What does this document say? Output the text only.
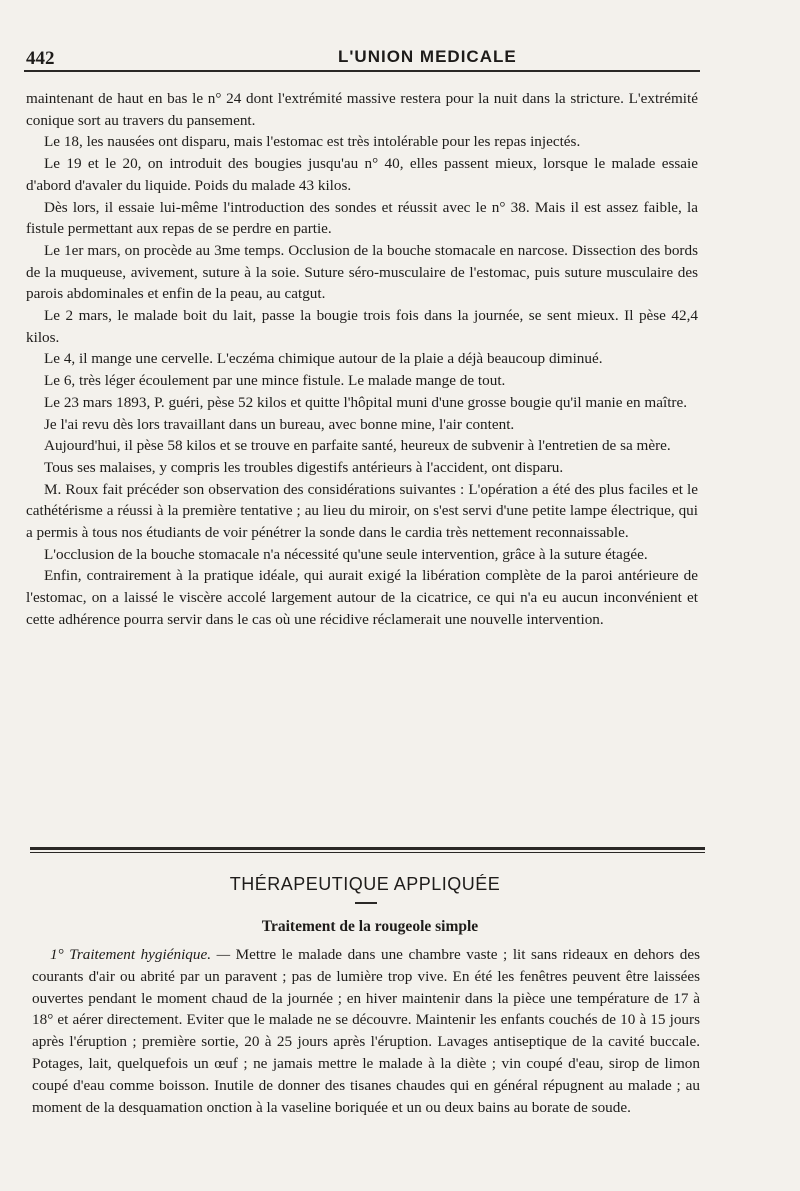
442	L'UNION MEDICALE

maintenant de haut en bas le n° 24 dont l'extrémité massive restera pour la nuit dans la stricture. L'extrémité conique sort au travers du pansement.

Le 18, les nausées ont disparu, mais l'estomac est très intolérable pour les repas injectés.

Le 19 et le 20, on introduit des bougies jusqu'au n° 40, elles passent mieux, lorsque le malade essaie d'abord d'avaler du liquide. Poids du malade 43 kilos.

Dès lors, il essaie lui-même l'introduction des sondes et réussit avec le n° 38. Mais il est assez faible, la fistule permettant aux repas de se perdre en partie.

Le 1er mars, on procède au 3me temps. Occlusion de la bouche stomacale en narcose. Dissection des bords de la muqueuse, avivement, suture à la soie. Suture séro-musculaire de l'estomac, puis suture musculaire des parois abdominales et enfin de la peau, au catgut.

Le 2 mars, le malade boit du lait, passe la bougie trois fois dans la journée, se sent mieux. Il pèse 42,4 kilos.

Le 4, il mange une cervelle. L'eczéma chimique autour de la plaie a déjà beaucoup diminué.

Le 6, très léger écoulement par une mince fistule. Le malade mange de tout.

Le 23 mars 1893, P. guéri, pèse 52 kilos et quitte l'hôpital muni d'une grosse bougie qu'il manie en maître.

Je l'ai revu dès lors travaillant dans un bureau, avec bonne mine, l'air content.

Aujourd'hui, il pèse 58 kilos et se trouve en parfaite santé, heureux de subvenir à l'entretien de sa mère.

Tous ses malaises, y compris les troubles digestifs antérieurs à l'accident, ont disparu.

M. Roux fait précéder son observation des considérations suivantes : L'opération a été des plus faciles et le cathétérisme a réussi à la première tentative ; au lieu du miroir, on s'est servi d'une petite lampe électrique, qui a permis à tous nos étudiants de voir pénétrer la sonde dans le cardia très nettement reconnaissable.

L'occlusion de la bouche stomacale n'a nécessité qu'une seule intervention, grâce à la suture étagée.

Enfin, contrairement à la pratique idéale, qui aurait exigé la libération complète de la paroi antérieure de l'estomac, on a laissé le viscère accolé largement autour de la cicatrice, ce qui n'a eu aucun inconvénient et cette adhérence pourra servir dans le cas où une récidive réclamerait une nouvelle intervention.

THÉRAPEUTIQUE APPLIQUÉE
Traitement de la rougeole simple

1° Traitement hygiénique. — Mettre le malade dans une chambre vaste ; lit sans rideaux en dehors des courants d'air ou abrité par un paravent ; pas de lumière trop vive. En été les fenêtres peuvent être laissées ouvertes pendant le moment chaud de la journée ; en hiver maintenir dans la pièce une température de 17 à 18° et aérer directement. Eviter que le malade ne se découvre. Maintenir les enfants couchés de 10 à 15 jours après l'éruption ; première sortie, 20 à 25 jours après l'éruption. Lavages antiseptique de la cavité buccale. Potages, lait, quelquefois un œuf ; ne jamais mettre le malade à la diète ; vin coupé d'eau, sirop de limon coupé d'eau comme boisson. Inutile de donner des tisanes chaudes qui en général répugnent au malade ; au moment de la desquamation onction à la vaseline boriquée et un ou deux bains au borate de soude.
